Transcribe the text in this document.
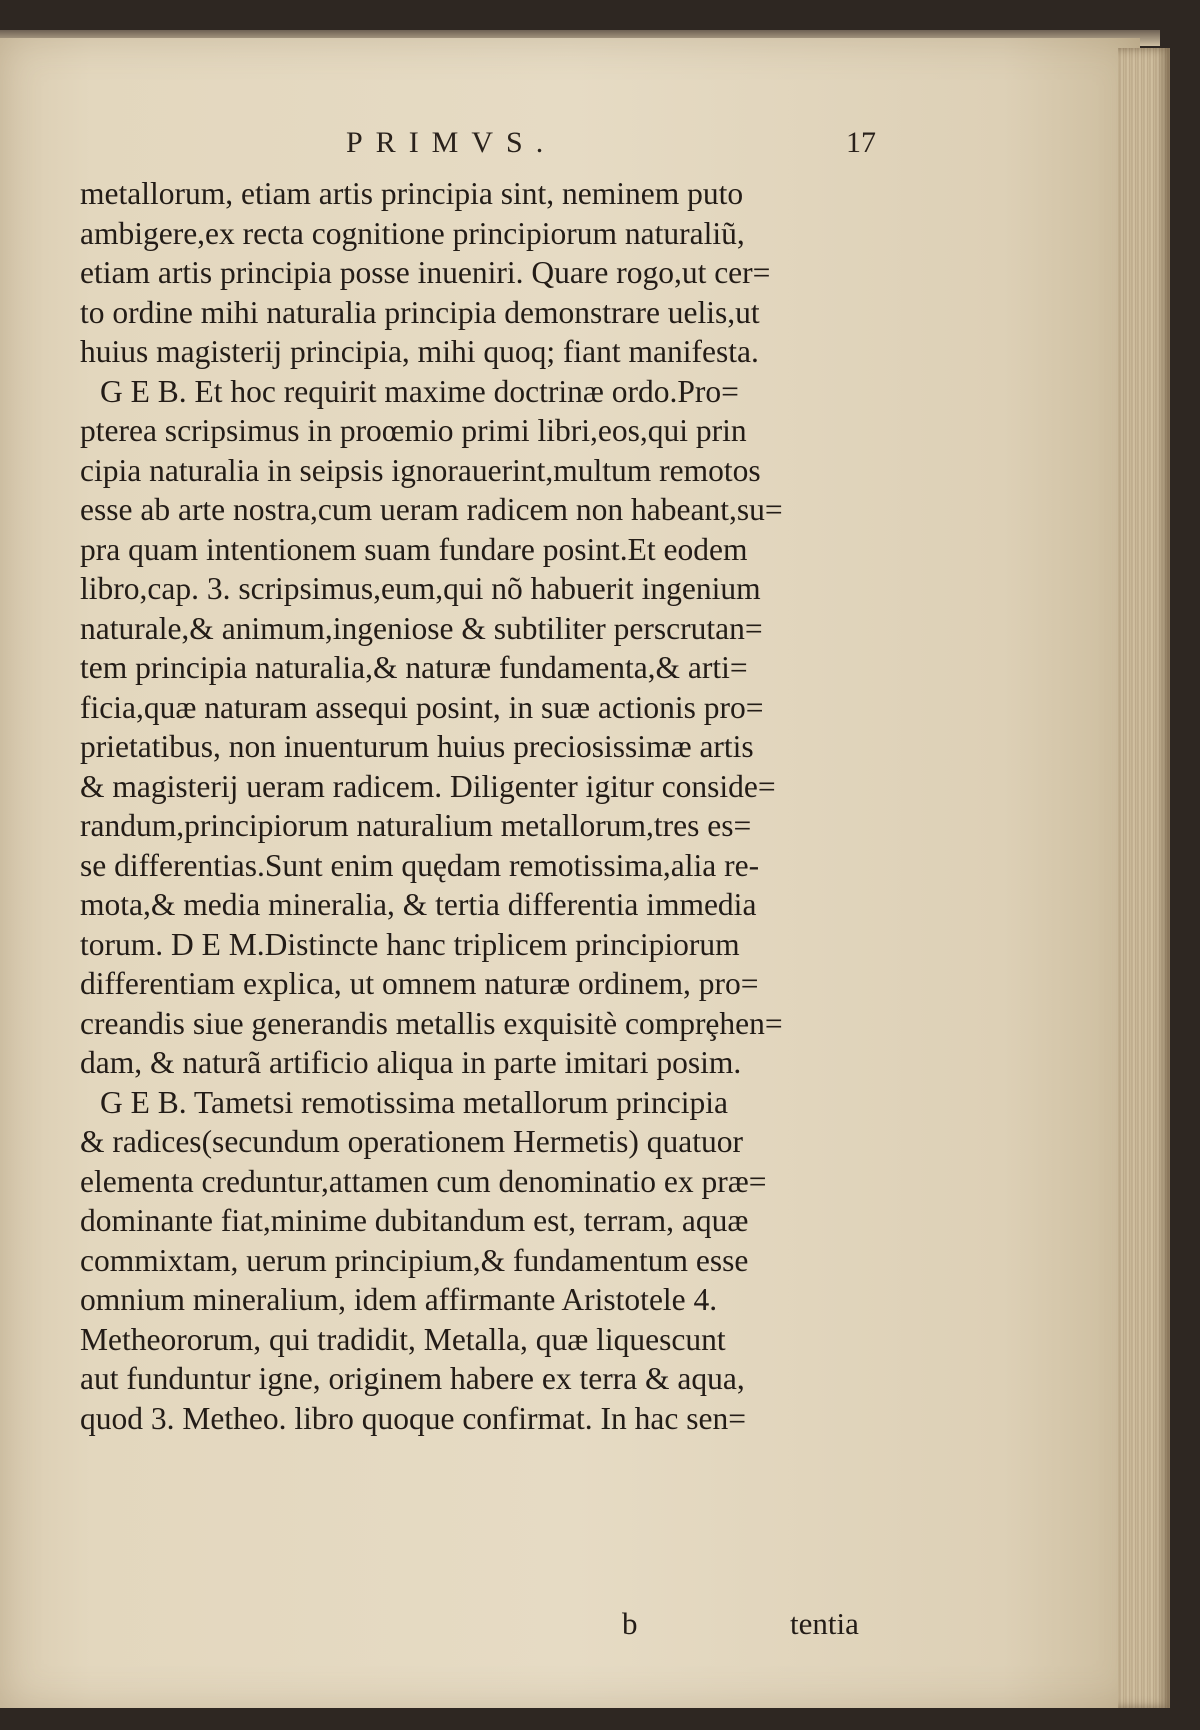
PRIMVS.	17
metallorum, etiam artis principia sint, neminem puto
ambigere,ex recta cognitione principiorum naturaliũ,
etiam artis principia posse inueniri. Quare rogo,ut cer=
to ordine mihi naturalia principia demonstrare uelis,ut
huius magisterij principia, mihi quoq; fiant manifesta.
G E B. Et hoc requirit maxime doctrinæ ordo.Pro=
pterea scripsimus in proœmio primi libri,eos,qui prin
cipia naturalia in seipsis ignorauerint,multum remotos
esse ab arte nostra,cum ueram radicem non habeant,su=
pra quam intentionem suam fundare posint.Et eodem
libro,cap. 3. scripsimus,eum,qui nõ habuerit ingenium
naturale,& animum,ingeniose & subtiliter perscrutan=
tem principia naturalia,& naturæ fundamenta,& arti=
ficia,quæ naturam assequi posint, in suæ actionis pro=
prietatibus, non inuenturum huius preciosissimæ artis
& magisterij ueram radicem. Diligenter igitur conside=
randum,principiorum naturalium metallorum,tres es=
se differentias.Sunt enim quędam remotissima,alia re-
mota,& media mineralia, & tertia differentia immedia
torum. D E M.Distincte hanc triplicem principiorum
differentiam explica, ut omnem naturæ ordinem, pro=
creandis siue generandis metallis exquisitè comprȩhen=
dam, & naturã artificio aliqua in parte imitari posim.
G E B. Tametsi remotissima metallorum principia
& radices(secundum operationem Hermetis) quatuor
elementa creduntur,attamen cum denominatio ex præ=
dominante fiat,minime dubitandum est, terram, aquæ
commixtam, uerum principium,& fundamentum esse
omnium mineralium, idem affirmante Aristotele 4.
Metheororum, qui tradidit, Metalla, quæ liquescunt
aut funduntur igne, originem habere ex terra & aqua,
quod 3. Metheo. libro quoque confirmat. In hac sen=
b	tentia
